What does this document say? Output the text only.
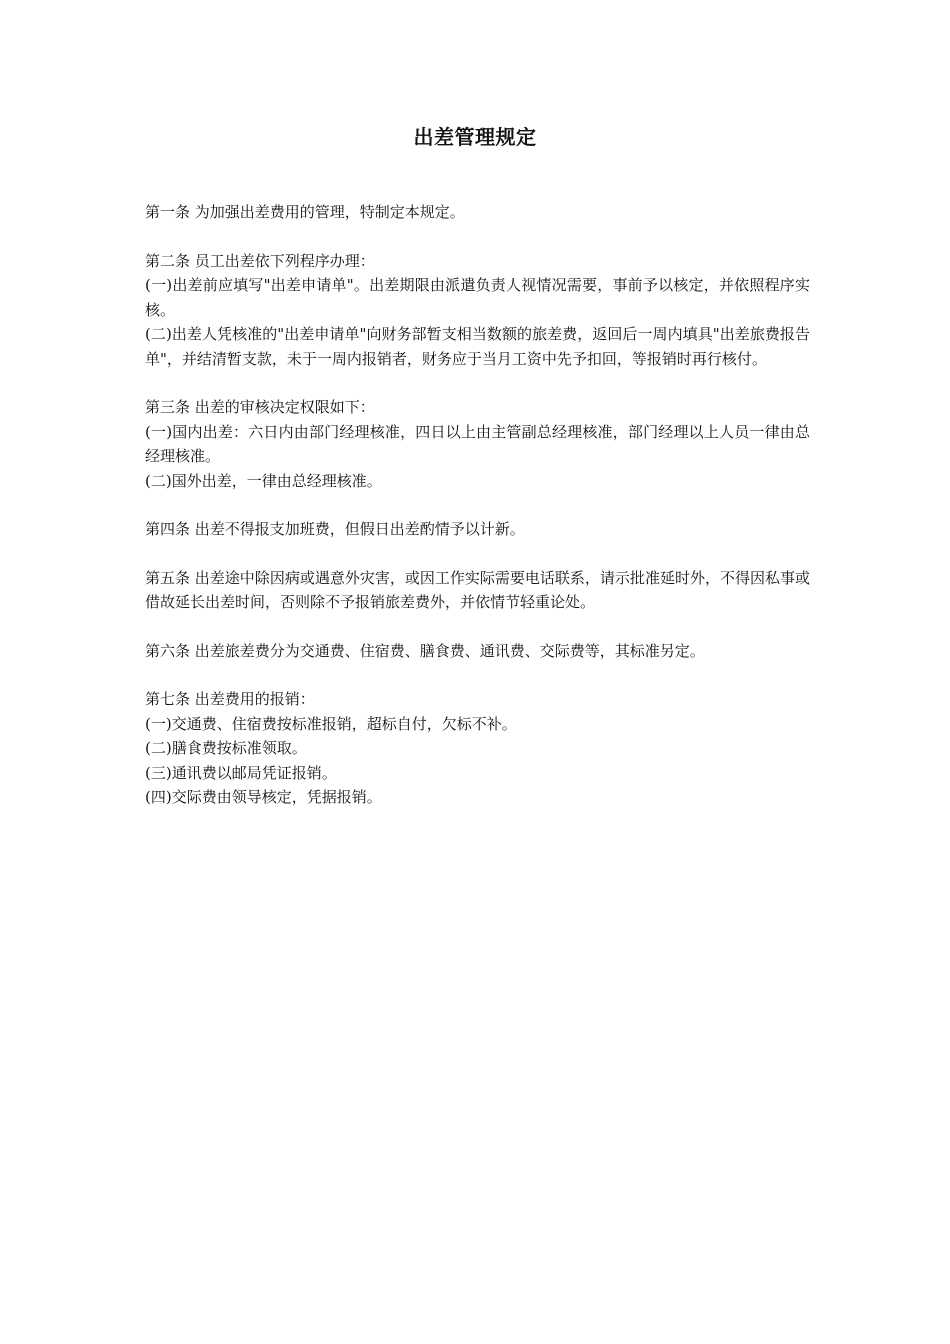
出差管理规定

第一条 为加强出差费用的管理，特制定本规定。

第二条 员工出差依下列程序办理：

(一)出差前应填写"出差申请单"。出差期限由派遣负责人视情况需要，事前予以核定，并依照程序实核。

(二)出差人凭核准的"出差申请单"向财务部暂支相当数额的旅差费，返回后一周内填具"出差旅费报告单"，并结清暂支款，未于一周内报销者，财务应于当月工资中先予扣回，等报销时再行核付。

第三条 出差的审核决定权限如下：

(一)国内出差：六日内由部门经理核准，四日以上由主管副总经理核准，部门经理以上人员一律由总经理核准。

(二)国外出差，一律由总经理核准。

第四条 出差不得报支加班费，但假日出差酌情予以计新。

第五条 出差途中除因病或遇意外灾害，或因工作实际需要电话联系，请示批准延时外，不得因私事或借故延长出差时间，否则除不予报销旅差费外，并依情节轻重论处。

第六条 出差旅差费分为交通费、住宿费、膳食费、通讯费、交际费等，其标准另定。

第七条 出差费用的报销：

(一)交通费、住宿费按标准报销，超标自付，欠标不补。

(二)膳食费按标准领取。

(三)通讯费以邮局凭证报销。

(四)交际费由领导核定，凭据报销。
